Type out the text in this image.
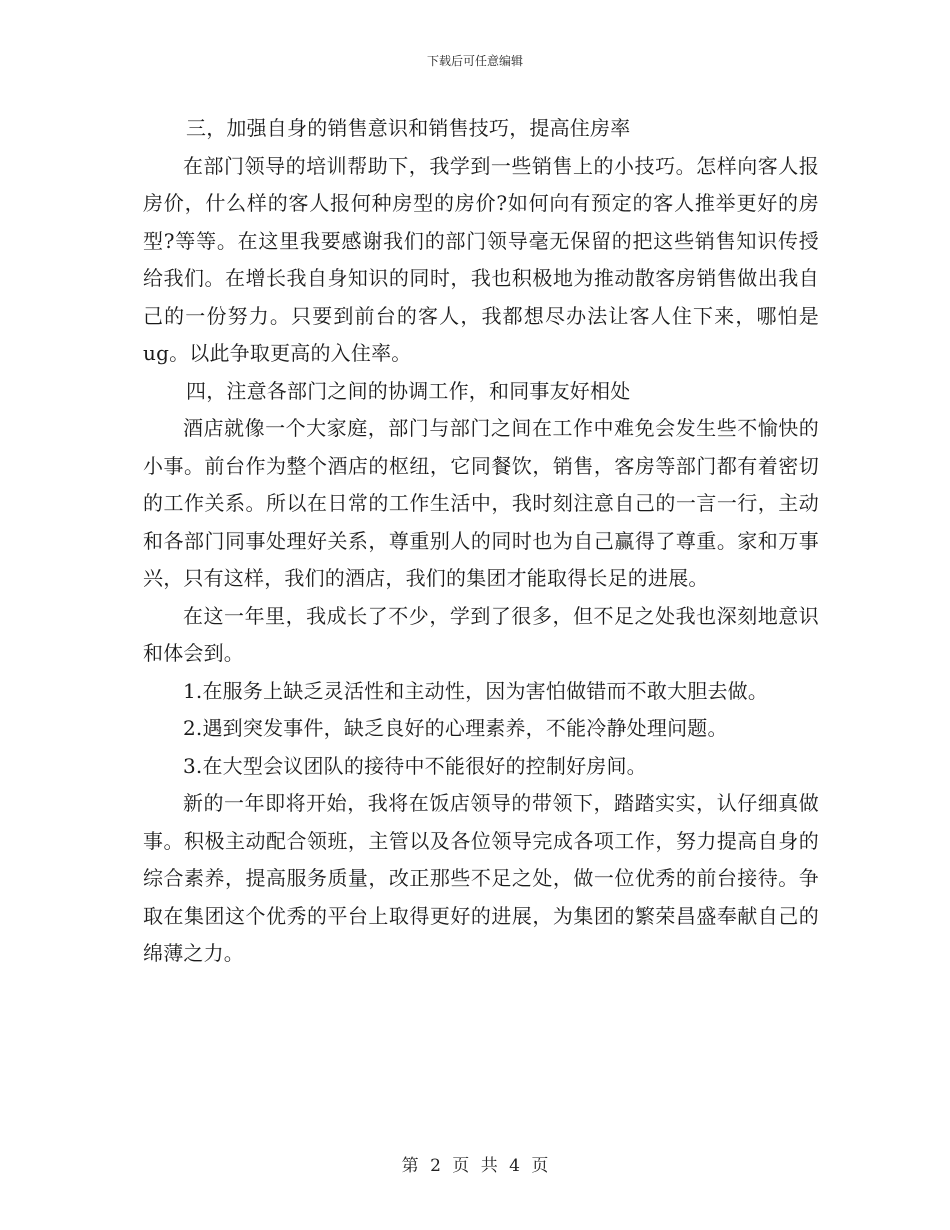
下载后可任意编辑

三，加强自身的销售意识和销售技巧，提高住房率

在部门领导的培训帮助下，我学到一些销售上的小技巧。怎样向客人报房价，什么样的客人报何种房型的房价?如何向有预定的客人推举更好的房型?等等。在这里我要感谢我们的部门领导毫无保留的把这些销售知识传授给我们。在增长我自身知识的同时，我也积极地为推动散客房销售做出我自己的一份努力。只要到前台的客人，我都想尽办法让客人住下来，哪怕是ug。以此争取更高的入住率。

四，注意各部门之间的协调工作，和同事友好相处

酒店就像一个大家庭，部门与部门之间在工作中难免会发生些不愉快的小事。前台作为整个酒店的枢纽，它同餐饮，销售，客房等部门都有着密切的工作关系。所以在日常的工作生活中，我时刻注意自己的一言一行，主动和各部门同事处理好关系，尊重别人的同时也为自己赢得了尊重。家和万事兴，只有这样，我们的酒店，我们的集团才能取得长足的进展。

在这一年里，我成长了不少，学到了很多，但不足之处我也深刻地意识和体会到。

1.在服务上缺乏灵活性和主动性，因为害怕做错而不敢大胆去做。

2.遇到突发事件，缺乏良好的心理素养，不能冷静处理问题。

3.在大型会议团队的接待中不能很好的控制好房间。

新的一年即将开始，我将在饭店领导的带领下，踏踏实实，认仔细真做事。积极主动配合领班，主管以及各位领导完成各项工作，努力提高自身的综合素养，提高服务质量，改正那些不足之处，做一位优秀的前台接待。争取在集团这个优秀的平台上取得更好的进展，为集团的繁荣昌盛奉献自己的绵薄之力。

第 2 页 共 4 页
